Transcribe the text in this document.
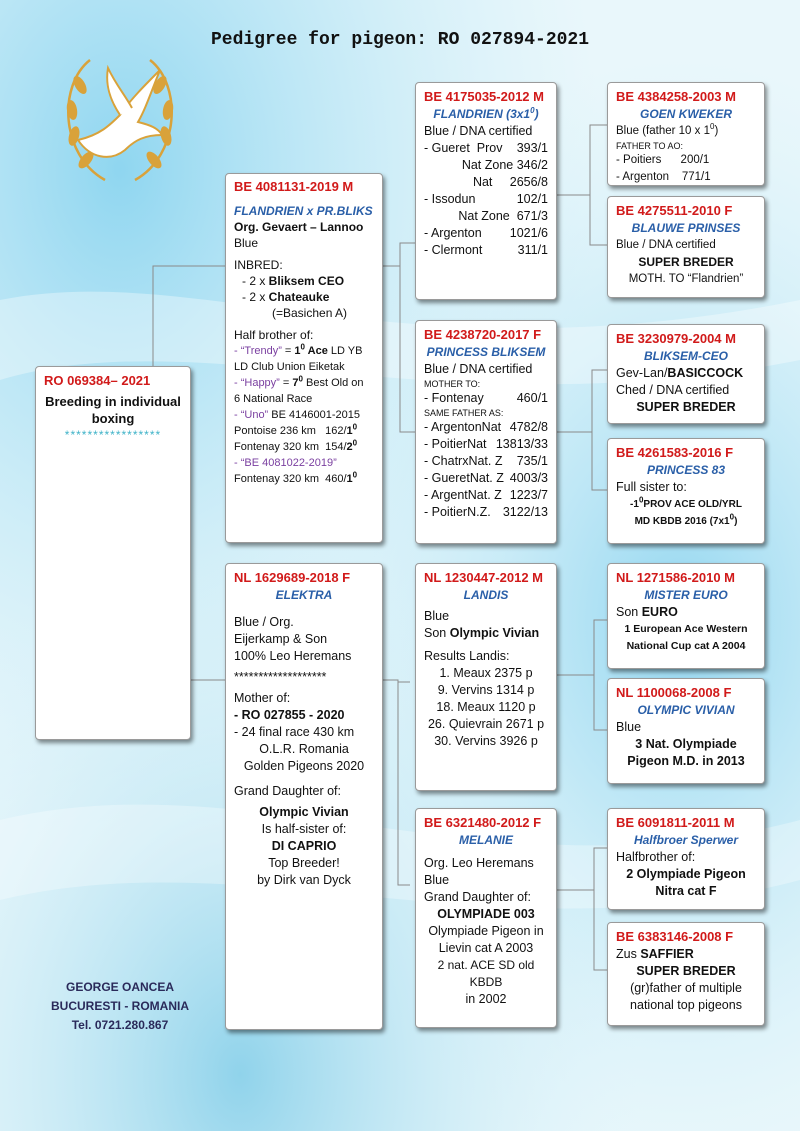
Pedigree for pigeon: RO 027894-2021
RO 069384– 2021
Breeding in individual
boxing
*****************
BE 4081131-2019 M
FLANDRIEN x PR.BLIKS
Org. Gevaert – Lannoo
Blue
INBRED:
- 2 x Bliksem CEO
- 2 x Chateauke
(=Basichen A)
Half brother of:
- “Trendy” = $1^0$ Ace LD YB
LD Club Union Eiketak
- “Happy” = $7^0$ Best Old on
6 National Race
- “Uno” BE 4146001-2015
Pontoise 236 km   $162/1^0$
Fontenay 320 km  $154/2^0$
- “BE 4081022-2019”
Fontenay 320 km  $460/1^0$
NL 1629689-2018 F
ELEKTRA
Blue / Org.
Eijerkamp & Son
100% Leo Heremans
*******************
Mother of:
- RO 027855 - 2020
- 24 final race 430 km
O.L.R. Romania
Golden Pigeons 2020
Grand Daughter of:
Olympic Vivian
Is half-sister of:
DI CAPRIO
Top Breeder!
by Dirk van Dyck
BE 4175035-2012 M
FLANDRIEN $(3x1^0)$
Blue / DNA certified
- Gueret  Prov 393/1
Nat Zone 346/2
Nat     2656/8
- Issodun	102/1
Nat Zone  671/3
- Argenton 1021/6
- Clermont	311/1
BE 4238720-2017 F
PRINCESS BLIKSEM
Blue / DNA certified
MOTHER TO:
- Fontenay	460/1
SAME FATHER AS:
- ArgentonNat 4782/8
- PoitierNat 13813/33
- ChatrxNat. Z 735/1
- GueretNat. Z 4003/3
- ArgentNat. Z 1223/7
- PoitierN.Z. 3122/13
NL 1230447-2012 M
LANDIS
Blue
Son Olympic Vivian
Results Landis:
1. Meaux 2375 p
9. Vervins 1314 p
18. Meaux 1120 p
26. Quievrain 2671 p
30. Vervins 3926 p
BE 6321480-2012 F
MELANIE
Org. Leo Heremans
Blue
Grand Daughter of:
OLYMPIADE 003
Olympiade Pigeon in
Lievin cat A 2003
2 nat. ACE SD old KBDB
in 2002
BE 4384258-2003 M
GOEN KWEKER
Blue (father 10 x $1^0$)
FATHER TO AO:
- Poitiers 200/1
- Argenton 771/1
BE 4275511-2010 F
BLAUWE PRINSES
Blue / DNA certified
SUPER BREDER
MOTH. TO “Flandrien”
BE 3230979-2004 M
BLIKSEM-CEO
Gev-Lan/BASICCOCK
Ched / DNA certified
SUPER BREDER
BE 4261583-2016 F
PRINCESS 83
Full sister to:
$-1^0PROV$ ACE OLD/YRL
MD KBDB 2016 $(7x1^0)$
NL 1271586-2010 M
MISTER EURO
Son EURO
1 European Ace Western
National Cup cat A 2004
NL 1100068-2008 F
OLYMPIC VIVIAN
Blue
3 Nat. Olympiade
Pigeon M.D. in 2013
BE 6091811-2011 M
Halfbroer Sperwer
Halfbrother of:
2 Olympiade Pigeon
Nitra cat F
BE 6383146-2008 F
Zus SAFFIER
SUPER BREDER
(gr)father of multiple
national top pigeons
GEORGE OANCEA
BUCURESTI - ROMANIA
Tel. 0721.280.867
